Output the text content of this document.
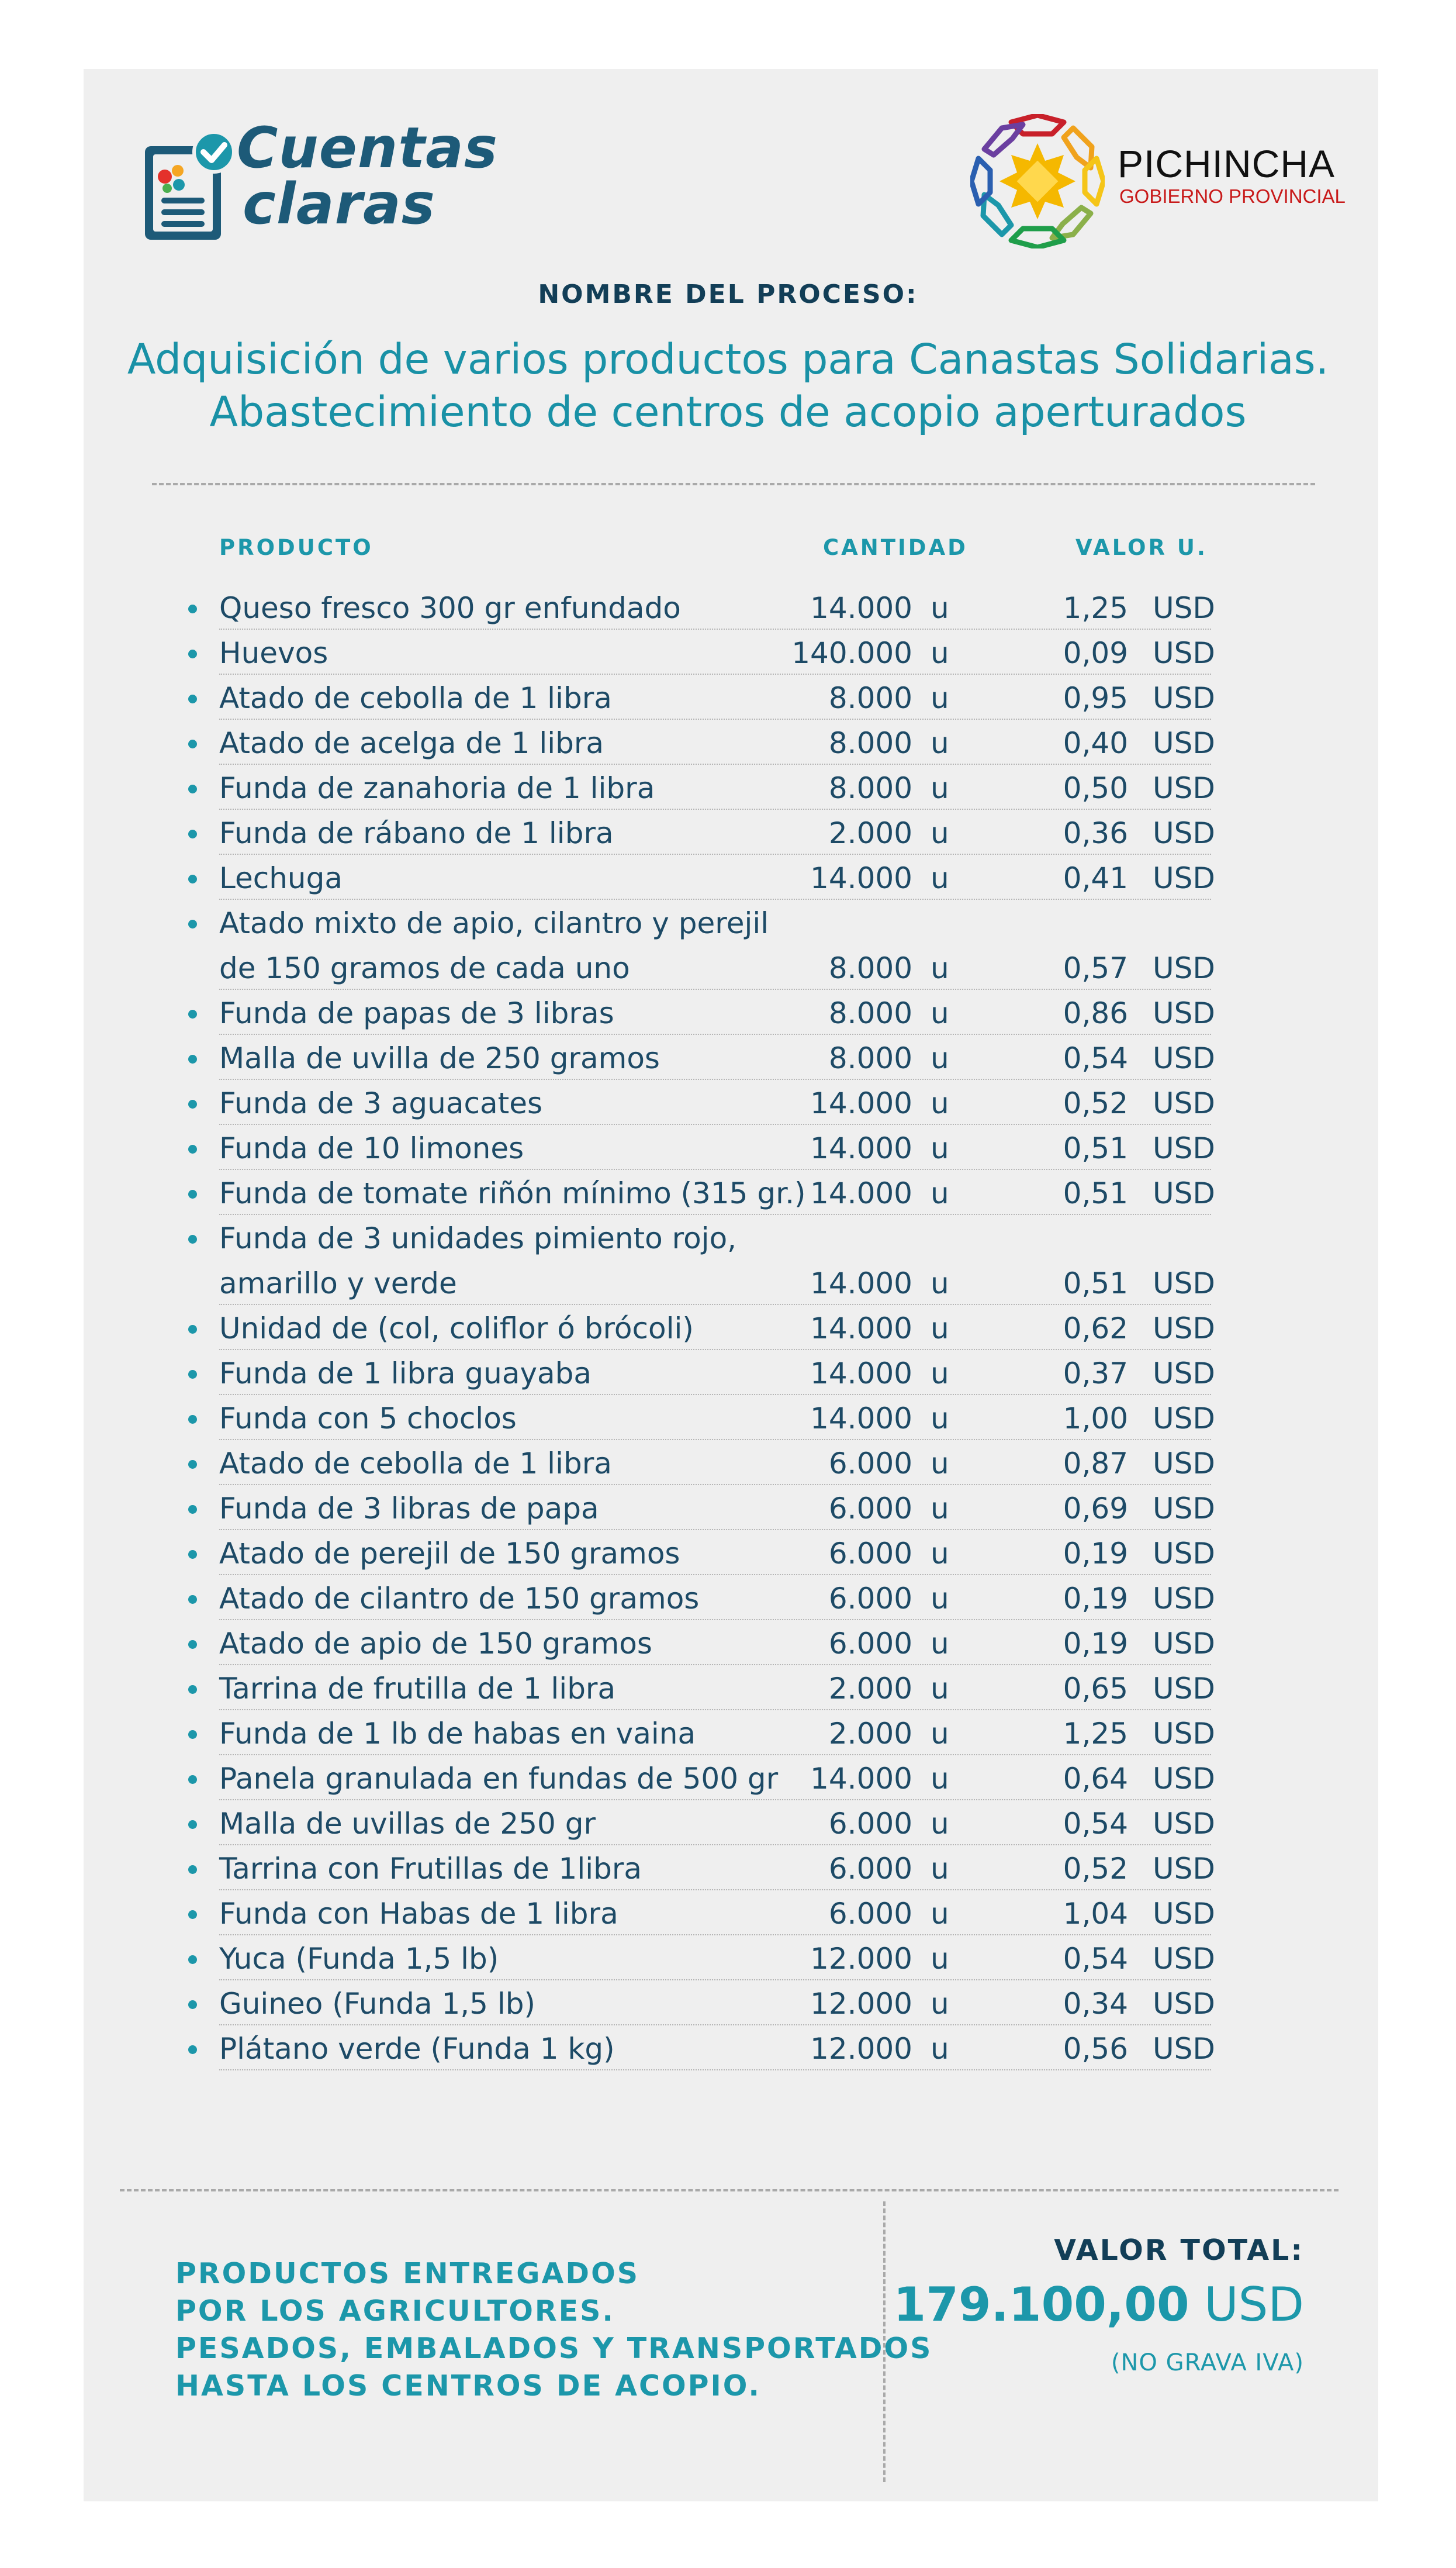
Cuentas
claras
PICHINCHA
GOBIERNO PROVINCIAL
NOMBRE DEL PROCESO:
Adquisición de varios productos para Canastas Solidarias.
Abastecimiento de centros de acopio aperturados
PRODUCTO	CANTIDAD	VALOR U.
Queso fresco 300 gr enfundado	14.000 u	1,25 USD
Huevos	140.000 u	0,09 USD
Atado de cebolla de 1 libra	8.000 u	0,95 USD
Atado de acelga de 1 libra	8.000 u	0,40 USD
Funda de zanahoria de 1 libra	8.000 u	0,50 USD
Funda de rábano de 1 libra	2.000 u	0,36 USD
Lechuga	14.000 u	0,41 USD
Atado mixto de apio, cilantro y perejil
de 150 gramos de cada uno	8.000 u	0,57 USD
Funda de papas de 3 libras	8.000 u	0,86 USD
Malla de uvilla de 250 gramos	8.000 u	0,54 USD
Funda de 3 aguacates	14.000 u	0,52 USD
Funda de 10 limones	14.000 u	0,51 USD
Funda de tomate riñón mínimo (315 gr.) 14.000 u	0,51 USD
Funda de 3 unidades pimiento rojo,
amarillo y verde	14.000 u	0,51 USD
Unidad de (col, coliflor ó brócoli)	14.000 u	0,62 USD
Funda de 1 libra guayaba	14.000 u	0,37 USD
Funda con 5 choclos	14.000 u	1,00 USD
Atado de cebolla de 1 libra	6.000 u	0,87 USD
Funda de 3 libras de papa	6.000 u	0,69 USD
Atado de perejil de 150 gramos	6.000 u	0,19 USD
Atado de cilantro de 150 gramos	6.000 u	0,19 USD
Atado de apio de 150 gramos	6.000 u	0,19 USD
Tarrina de frutilla de 1 libra	2.000 u	0,65 USD
Funda de 1 lb de habas en vaina	2.000 u	1,25 USD
Panela granulada en fundas de 500 gr	14.000 u	0,64 USD
Malla de uvillas de 250 gr	6.000 u	0,54 USD
Tarrina con Frutillas de 1libra	6.000 u	0,52 USD
Funda con Habas de 1 libra	6.000 u	1,04 USD
Yuca (Funda 1,5 lb)	12.000 u	0,54 USD
Guineo (Funda 1,5 lb)	12.000 u	0,34 USD
Plátano verde (Funda 1 kg)	12.000 u	0,56 USD
PRODUCTOS ENTREGADOS
POR LOS AGRICULTORES.
PESADOS, EMBALADOS Y TRANSPORTADOS
HASTA LOS CENTROS DE ACOPIO.
VALOR TOTAL:
179.100,00 USD
(NO GRAVA IVA)
